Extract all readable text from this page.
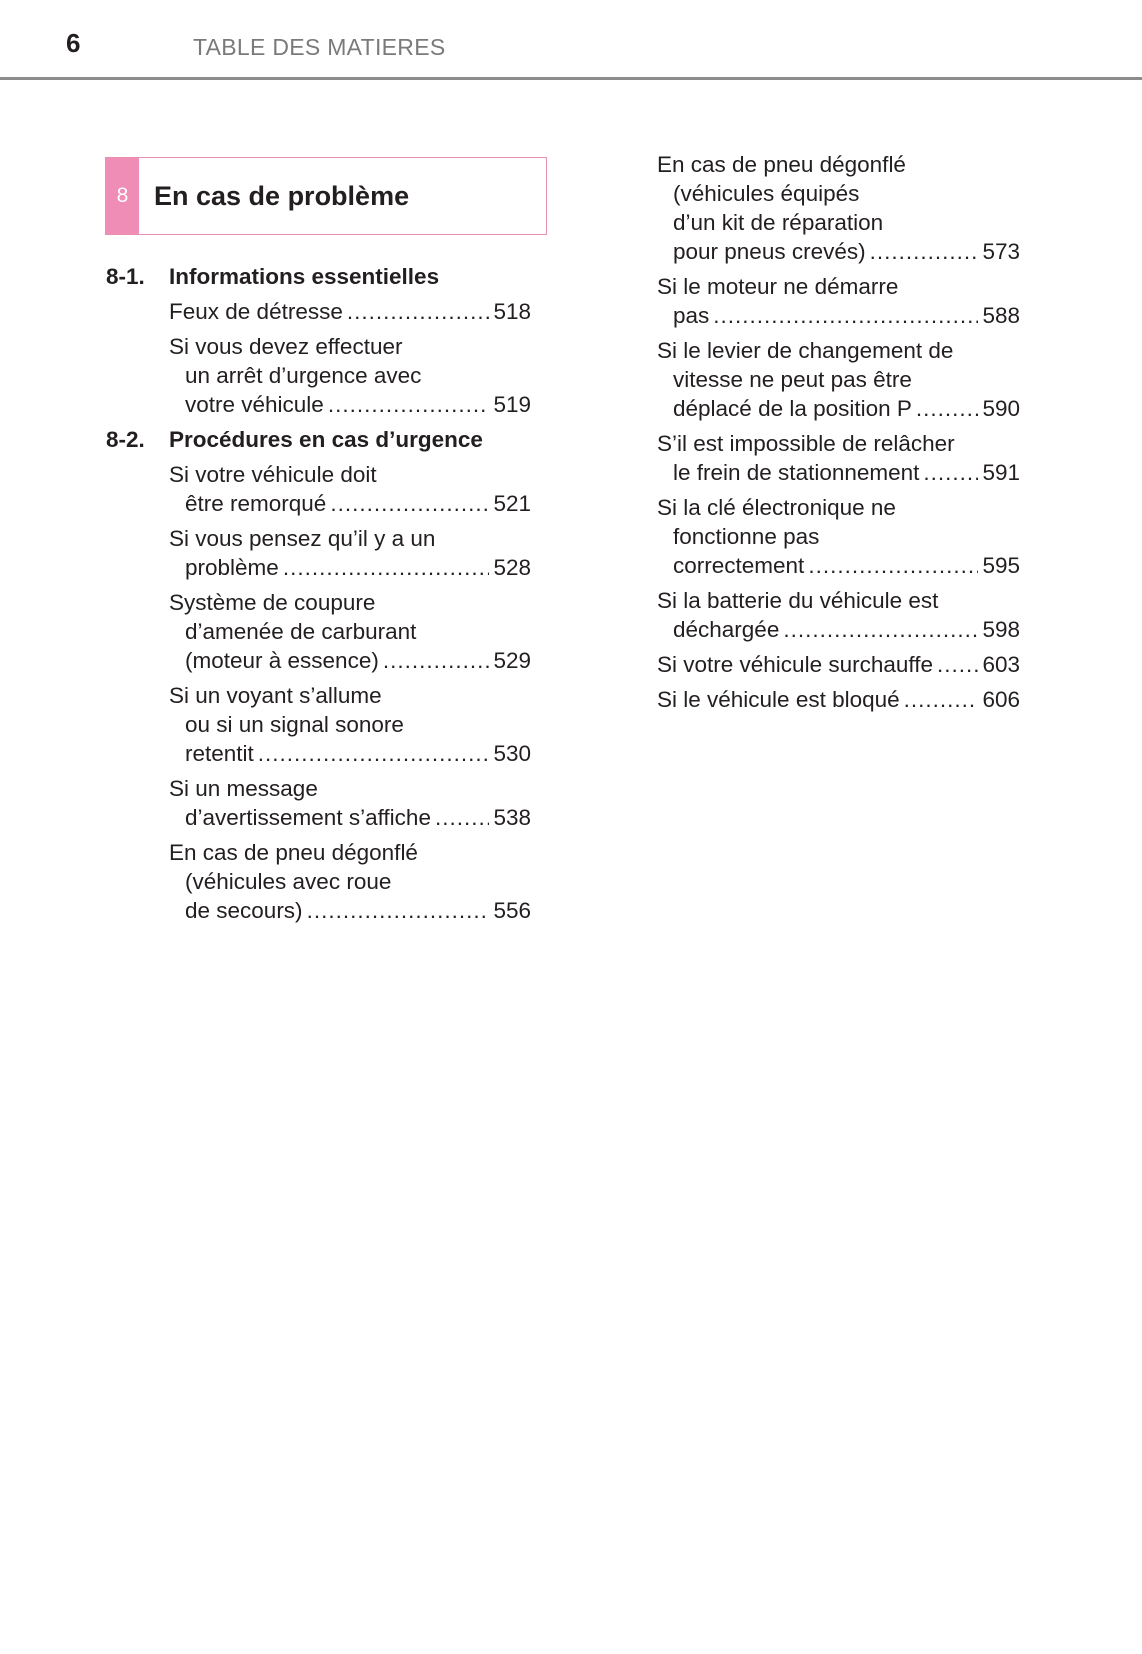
6	TABLE DES MATIERES
8 En cas de problème
8-1.	Informations essentielles
Feux de détresse .....	518
Si vous devez effectuer
un arrêt d’urgence avec
votre véhicule .....	519
8-2.	Procédures en cas d’urgence
Si votre véhicule doit
être remorqué .....	521
Si vous pensez qu’il y a un
problème .....	528
Système de coupure
d’amenée de carburant
(moteur à essence) .....	529
Si un voyant s’allume
ou si un signal sonore
retentit .....	530
Si un message
d’avertissement s’affiche .....	538
En cas de pneu dégonflé
(véhicules avec roue
de secours) .....	556
En cas de pneu dégonflé
(véhicules équipés
d’un kit de réparation
pour pneus crevés) .....	573
Si le moteur ne démarre
pas .....	588
Si le levier de changement de
vitesse ne peut pas être
déplacé de la position P .....	590
S’il est impossible de relâcher
le frein de stationnement .....	591
Si la clé électronique ne
fonctionne pas
correctement .....	595
Si la batterie du véhicule est
déchargée .....	598
Si votre véhicule surchauffe ..... 603
Si le véhicule est bloqué .....	606
